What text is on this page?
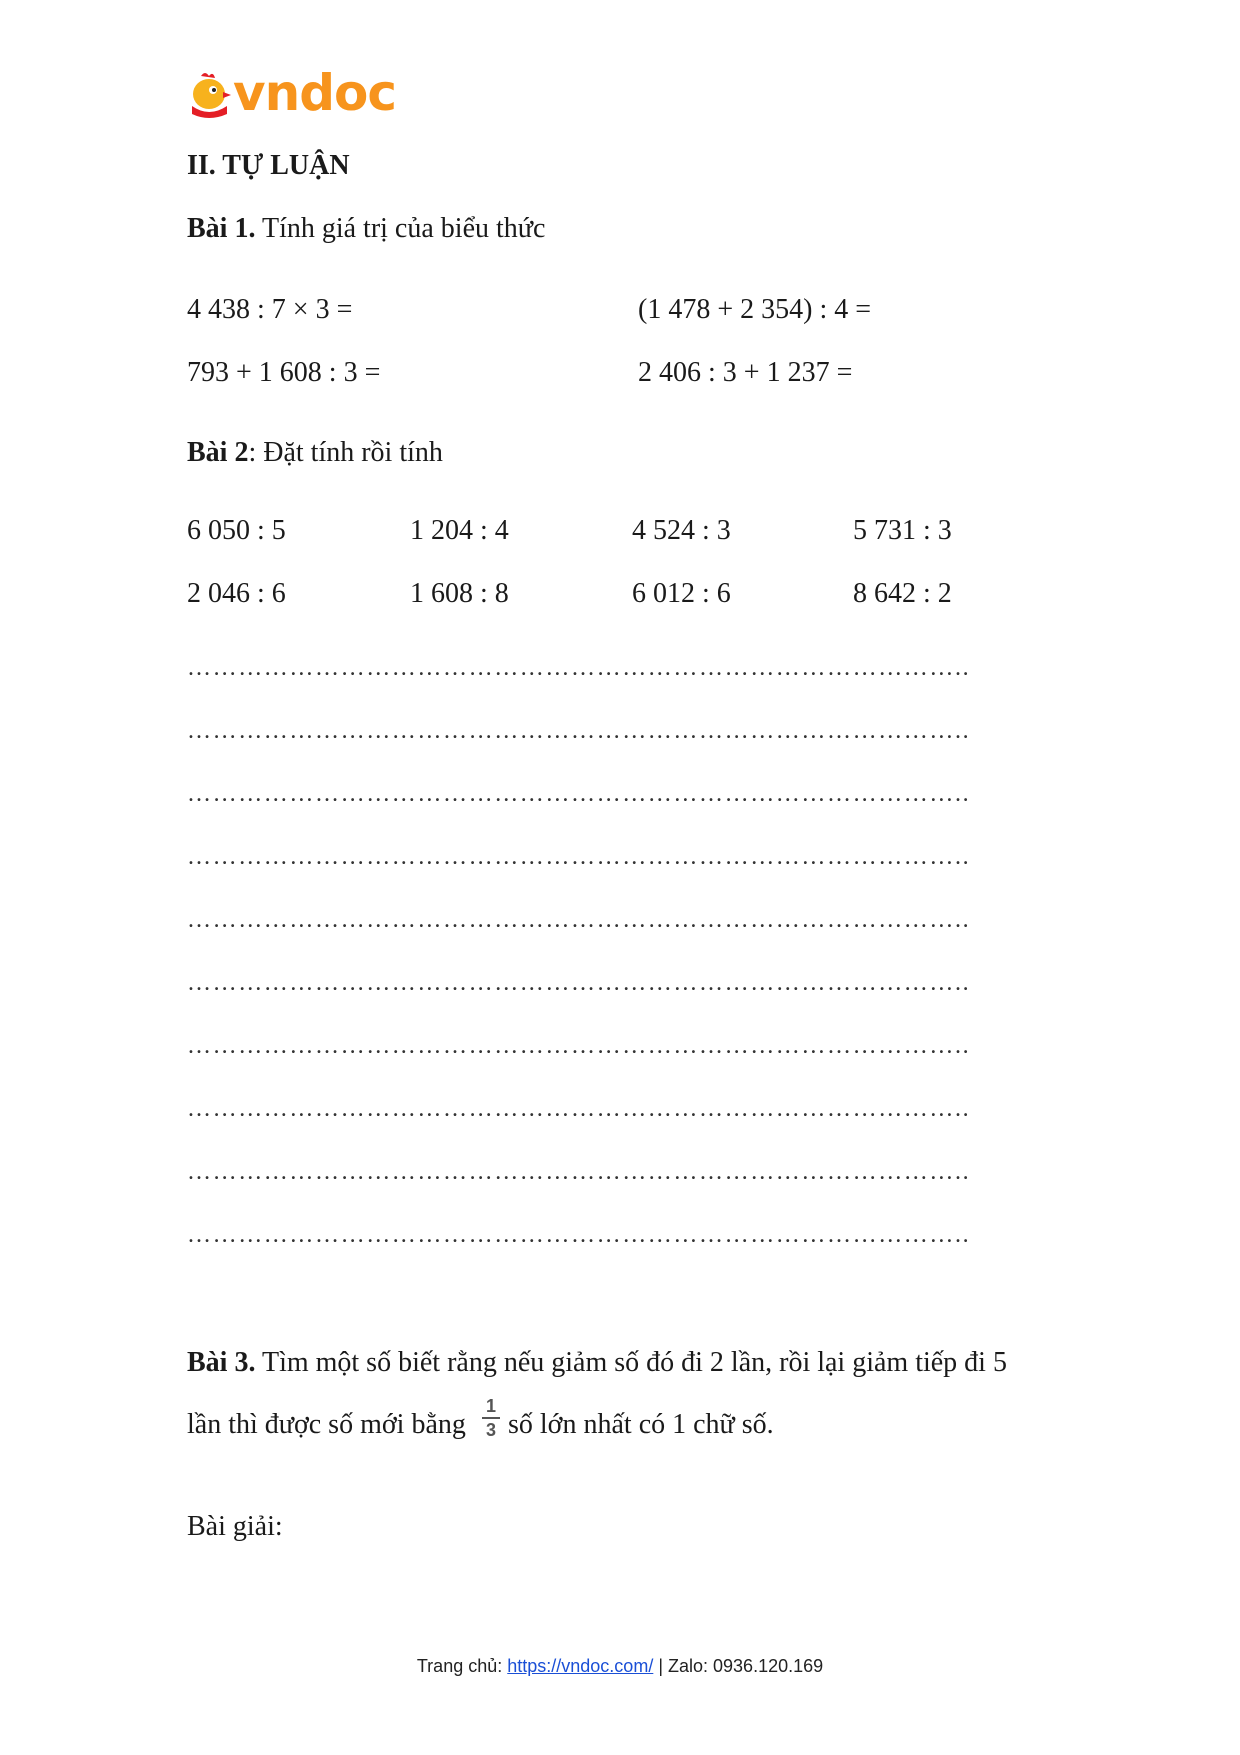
vndoc
II. TỰ LUẬN
Bài 1. Tính giá trị của biểu thức
4 438 : 7 × 3 =	(1 478 + 2 354) : 4 =
793 + 1 608 : 3 =	2 406 : 3 + 1 237 =
Bài 2: Đặt tính rồi tính
6 050 : 5	1 204 : 4	4 524 : 3	5 731 : 3
2 046 : 6	1 608 : 8	6 012 : 6	8 642 : 2
………………………………………………………………………………..
………………………………………………………………………………..
………………………………………………………………………………..
………………………………………………………………………………..
………………………………………………………………………………..
………………………………………………………………………………..
………………………………………………………………………………..
………………………………………………………………………………..
………………………………………………………………………………..
………………………………………………………………………………..
Bài 3. Tìm một số biết rằng nếu giảm số đó đi 2 lần, rồi lại giảm tiếp đi 5
lần thì được số mới bằng
1
3 số lớn nhất có 1 chữ số.
Bài giải:
Trang chủ: https://vndoc.com/ | Zalo: 0936.120.169
